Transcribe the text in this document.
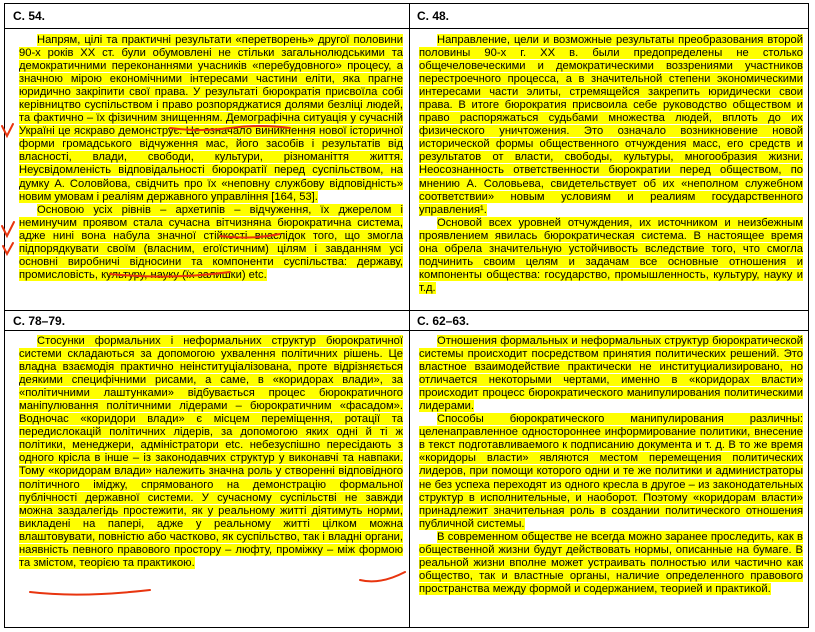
С. 54.

Напрям, цілі та практичні результати «перетворень» другої половини 90-х років XX ст. були обумовлені не стільки загальнолюдськими та демократичними переконаннями учасників «перебудовного» процесу, а значною мірою економічними інтересами частини еліти, яка прагне юридично закріпити свої права. У результаті бюрократія присвоїла собі керівництво суспільством і право розпоряджатися долями безліці людей, та фактично – їх фізичним знищенням. Демографічна ситуація у сучасній Україні це яскраво демонструє. Це означало виникнення нової історичної форми громадського відчуження мас, його засобів і результатів від власності, влади, свободи, культури, різноманіття життя. Неусвідомленість відповідальності бюрократії перед суспільством, на думку А. Соловйова, свідчить про їх «неповну службову відповідність» новим умовам і реаліям державного управління [164, 53].

Основою усіх рівнів – архетипів – відчуження, їх джерелом і неминучим проявом стала сучасна вітчизняна бюрократична система, адже нині вона набула значної стійкості внаслідок того, що змогла підпорядкувати своїм (власним, егоїстичним) цілям і завданням усі основні виробничі відносини та компоненти суспільства: державу, промисловість, культуру, науку (їх залишки) etc.

С. 48.

Направление, цели и возможные результаты преобразования второй половины 90-х г. XX в. были предопределены не столько общечеловеческими и демократическими воззрениями участников перестроечного процесса, а в значительной степени экономическими интересами части элиты, стремящейся закрепить юридически свои права. В итоге бюрократия присвоила себе руководство обществом и право распоряжаться судьбами множества людей, вплоть до их физического уничтожения. Это означало возникновение новой исторической формы общественного отчуждения масс, его средств и результатов от власти, свободы, культуры, многообразия жизни. Неосознанность ответственности бюрократии перед обществом, по мнению А. Соловьева, свидетельствует об их «неполном служебном соответствии» новым условиям и реалиям государственного управления¹.

Основой всех уровней отчуждения, их источником и неизбежным проявлением явилась бюрократическая система. В настоящее время она обрела значительную устойчивость вследствие того, что смогла подчинить своим целям и задачам все основные отношения и компоненты общества: государство, промышленность, культуру, науку и т.д.

С. 78–79.

Стосунки формальних і неформальних структур бюрократичної системи складаються за допомогою ухвалення політичних рішень. Це владна взаємодія практично неінституціалізована, проте відрізняється деякими специфічними рисами, а саме, в «коридорах влади», за «політичними лаштунками» відбувається процес бюрократичного маніпулювання політичними лідерами – бюрократичним «фасадом». Водночас «коридори влади» є місцем переміщення, ротації та передислокацій політичних лідерів, за допомогою яких одні й ті ж політики, менеджери, адміністратори etc. небезуспішно пересідають з одного крісла в інше – із законодавчих структур у виконавчі та навпаки. Тому «коридорам влади» належить значна роль у створенні відповідного політичного іміджу, спрямованого на демонстрацію формальної публічності державної системи. У сучасному суспільстві не завжди можна заздалегідь простежити, як у реальному житті діятимуть норми, викладені на папері, адже у реальному житті цілком можна влаштовувати, повністю або частково, як суспільство, так і владні органи, наявність певного правового простору – люфту, проміжку – між формою та змістом, теорією та практикою.

С. 62–63.

Отношения формальных и неформальных структур бюрократической системы происходит посредством принятия политических решений. Это властное взаимодействие практически не институциализировано, но отличается некоторыми чертами, именно в «коридорах власти» происходит процесс бюрократического манипулирования политическими лидерами.

Способы бюрократического манипулирования различны: целенаправленное одностороннее информирование политики, внесение в текст подготавливаемого к подписанию документа и т. д. В то же время «коридоры власти» являются местом перемещения политических лидеров, при помощи которого одни и те же политики и администраторы не без успеха переходят из одного кресла в другое – из законодательных структур в исполнительные, и наоборот. Поэтому «коридорам власти» принадлежит значительная роль в создании политического отношения публичной системы.

В современном обществе не всегда можно заранее проследить, как в общественной жизни будут действовать нормы, описанные на бумаге. В реальной жизни вполне может устраивать полностью или частично как общество, так и властные органы, наличие определенного правового пространства между формой и содержанием, теорией и практикой.
